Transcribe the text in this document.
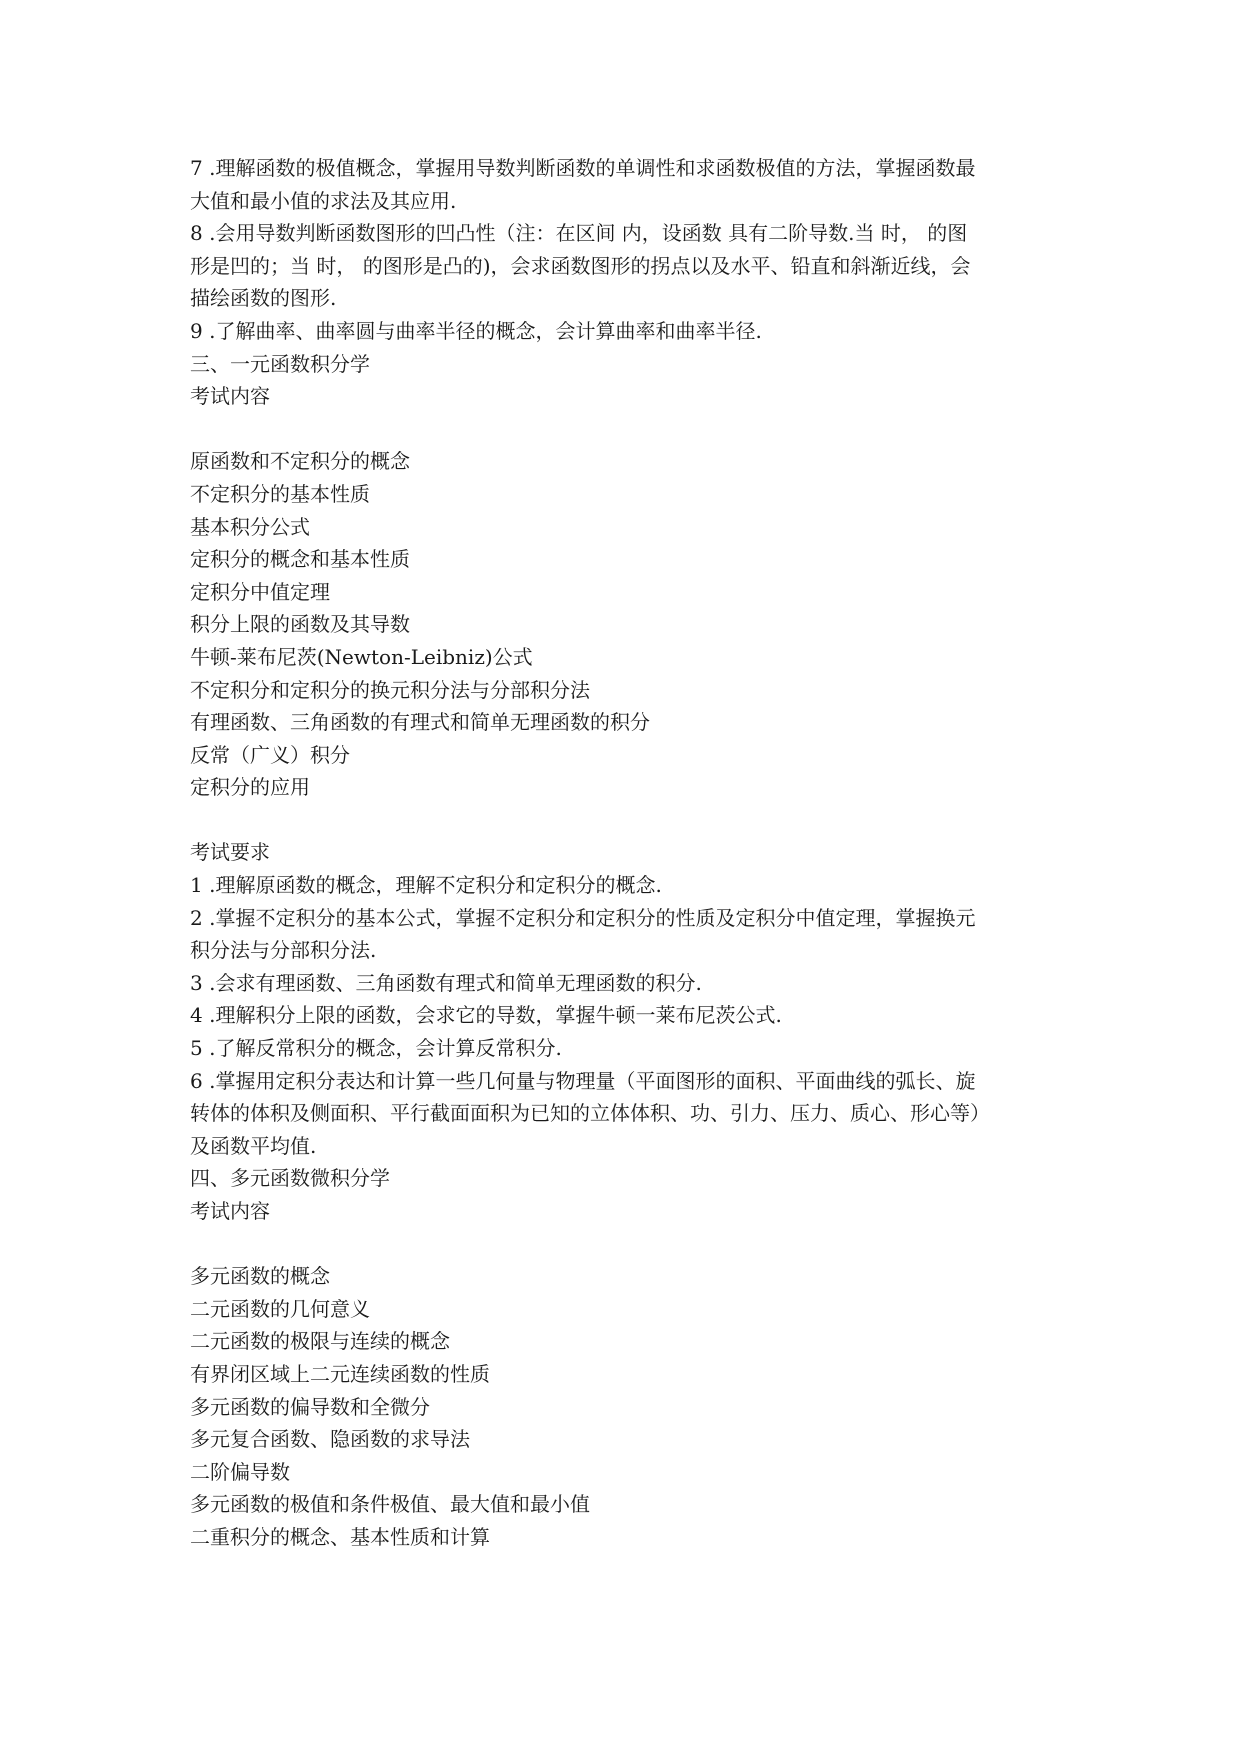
7 .理解函数的极值概念，掌握用导数判断函数的单调性和求函数极值的方法，掌握函数最
大值和最小值的求法及其应用.
8 .会用导数判断函数图形的凹凸性（注：在区间 内，设函数 具有二阶导数.当 时， 的图
形是凹的；当 时， 的图形是凸的)，会求函数图形的拐点以及水平、铅直和斜渐近线，会
描绘函数的图形.
9 .了解曲率、曲率圆与曲率半径的概念，会计算曲率和曲率半径.
三、一元函数积分学
考试内容
原函数和不定积分的概念
不定积分的基本性质
基本积分公式
定积分的概念和基本性质
定积分中值定理
积分上限的函数及其导数
牛顿-莱布尼茨(Newton-Leibniz)公式
不定积分和定积分的换元积分法与分部积分法
有理函数、三角函数的有理式和简单无理函数的积分
反常（广义）积分
定积分的应用
考试要求
1 .理解原函数的概念，理解不定积分和定积分的概念.
2 .掌握不定积分的基本公式，掌握不定积分和定积分的性质及定积分中值定理，掌握换元
积分法与分部积分法.
3 .会求有理函数、三角函数有理式和简单无理函数的积分.
4 .理解积分上限的函数，会求它的导数，掌握牛顿一莱布尼茨公式.
5 .了解反常积分的概念，会计算反常积分.
6 .掌握用定积分表达和计算一些几何量与物理量（平面图形的面积、平面曲线的弧长、旋
转体的体积及侧面积、平行截面面积为已知的立体体积、功、引力、压力、质心、形心等）
及函数平均值.
四、多元函数微积分学
考试内容
多元函数的概念
二元函数的几何意义
二元函数的极限与连续的概念
有界闭区域上二元连续函数的性质
多元函数的偏导数和全微分
多元复合函数、隐函数的求导法
二阶偏导数
多元函数的极值和条件极值、最大值和最小值
二重积分的概念、基本性质和计算
